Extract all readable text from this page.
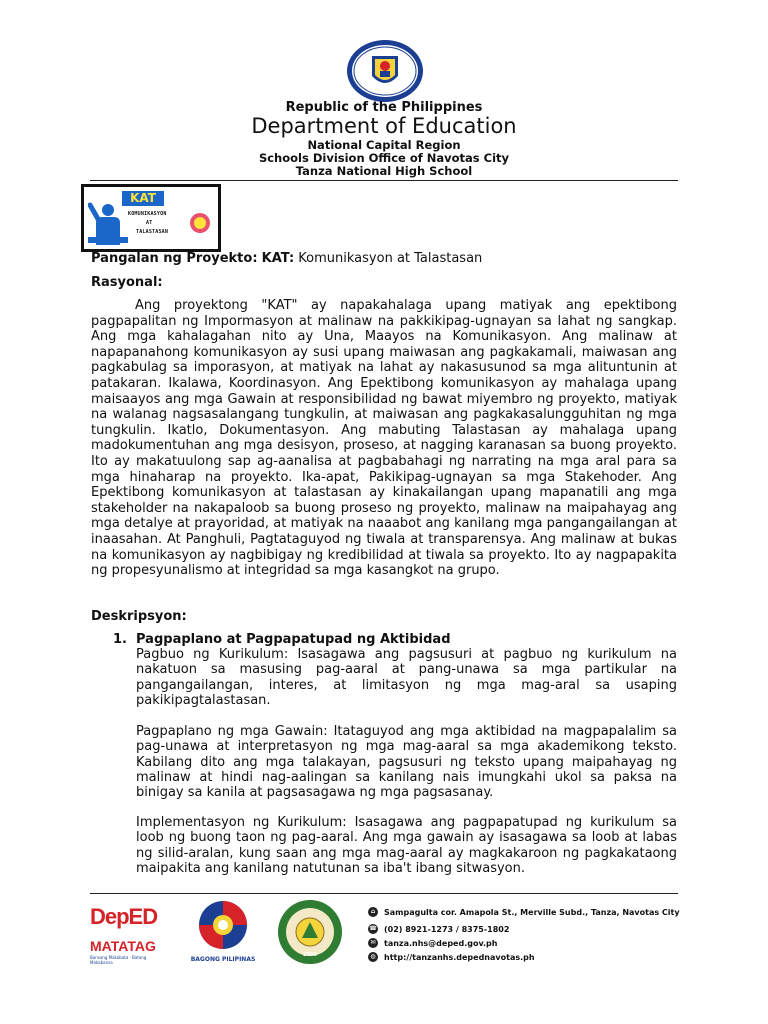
Republic of the Philippines
Department of Education
National Capital Region
Schools Division Office of Navotas City
Tanza National High School
KAT
KOMUNIKASYON
AT
TALASTASAN
Pangalan ng Proyekto: KAT: Komunikasyon at Talastasan
Rasyonal:
Ang proyektong "KAT" ay napakahalaga upang matiyak ang epektibong pagpapalitan ng Impormasyon at malinaw na pakkikipag-ugnayan sa lahat ng sangkap. Ang mga kahalagahan nito ay Una, Maayos na Komunikasyon. Ang malinaw at napapanahong komunikasyon ay susi upang maiwasan ang pagkakamali, maiwasan ang pagkabulag sa imporasyon, at matiyak na lahat ay nakasusunod sa mga alituntunin at patakaran. Ikalawa, Koordinasyon. Ang Epektibong komunikasyon ay mahalaga upang maisaayos ang mga Gawain at responsibilidad ng bawat miyembro ng proyekto, matiyak na walanag nagsasalangang tungkulin, at maiwasan ang pagkakasalungguhitan ng mga tungkulin. Ikatlo, Dokumentasyon. Ang mabuting Talastasan ay mahalaga upang madokumentuhan ang mga desisyon, proseso, at nagging karanasan sa buong proyekto. Ito ay makatuulong sap ag-aanalisa at pagbabahagi ng narrating na mga aral para sa mga hinaharap na proyekto. Ika-apat, Pakikipag-ugnayan sa mga Stakehoder. Ang Epektibong komunikasyon at talastasan ay kinakailangan upang mapanatili ang mga stakeholder na nakapaloob sa buong proseso ng proyekto, malinaw na maipahayag ang mga detalye at prayoridad, at matiyak na naaabot ang kanilang mga pangangailangan at inaasahan. At Panghuli, Pagtataguyod ng tiwala at transparensya. Ang malinaw at bukas na komunikasyon ay nagbibigay ng kredibilidad at tiwala sa proyekto. Ito ay nagpapakita ng propesyunalismo at integridad sa mga kasangkot na grupo.
Deskripsyon:
1. Pagpaplano at Pagpapatupad ng Aktibidad
Pagbuo ng Kurikulum: Isasagawa ang pagsusuri at pagbuo ng kurikulum na nakatuon sa masusing pag-aaral at pang-unawa sa mga partikular na pangangailangan, interes, at limitasyon ng mga mag-aral sa usaping pakikipagtalastasan.
Pagpaplano ng mga Gawain: Itataguyod ang mga aktibidad na magpapalalim sa pag-unawa at interpretasyon ng mga mag-aaral sa mga akademikong teksto. Kabilang dito ang mga talakayan, pagsusuri ng teksto upang maipahayag ng malinaw at hindi nag-aalingan sa kanilang nais imungkahi ukol sa paksa na binigay sa kanila at pagsasagawa ng mga pagsasanay.
Implementasyon ng Kurikulum: Isasagawa ang pagpapatupad ng kurikulum sa loob ng buong taon ng pag-aaral. Ang mga gawain ay isasagawa sa loob at labas ng silid-aralan, kung saan ang mga mag-aaral ay magkakaroon ng pagkakataong maipakita ang kanilang natutunan sa iba't ibang sitwasyon.
DepED
MATATAG
Bansang Makabata · Batang Makabansa	BAGONG PILIPINAS
2006
⌂	Sampagulta cor. Amapola St., Merville Subd., Tanza, Navotas City
☎ (02) 8921-1273 / 8375-1802
✉	tanza.nhs@deped.gov.ph
◍ http://tanzanhs.depednavotas.ph
